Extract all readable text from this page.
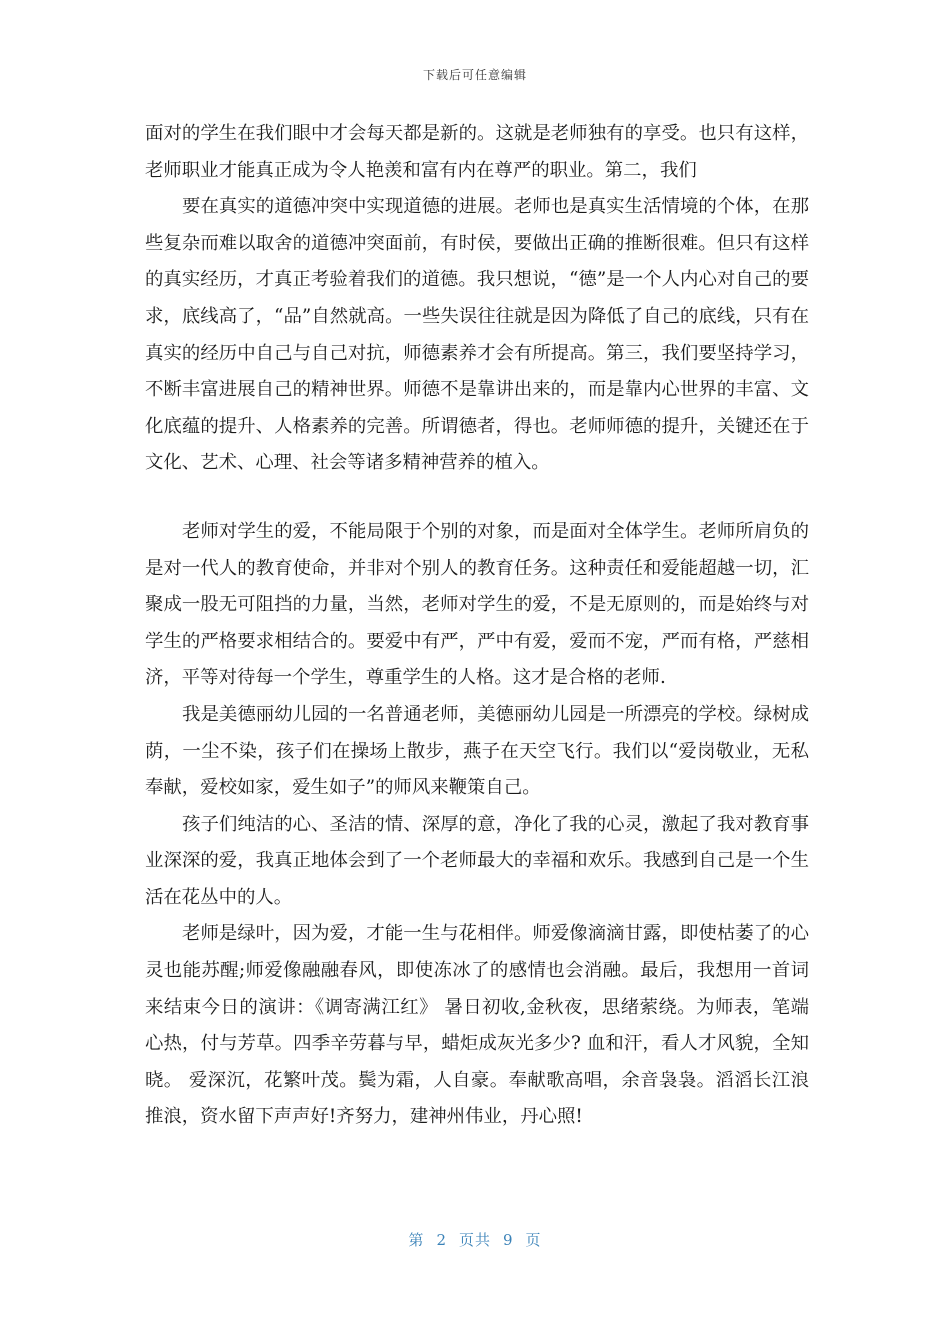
下载后可任意编辑

面对的学生在我们眼中才会每天都是新的。这就是老师独有的享受。也只有这样，老师职业才能真正成为令人艳羡和富有内在尊严的职业。第二，我们

要在真实的道德冲突中实现道德的进展。老师也是真实生活情境的个体，在那些复杂而难以取舍的道德冲突面前，有时侯，要做出正确的推断很难。但只有这样的真实经历，才真正考验着我们的道德。我只想说，“德”是一个人内心对自己的要求，底线高了，“品”自然就高。一些失误往往就是因为降低了自己的底线，只有在真实的经历中自己与自己对抗，师德素养才会有所提高。第三，我们要坚持学习，不断丰富进展自己的精神世界。师德不是靠讲出来的，而是靠内心世界的丰富、文化底蕴的提升、人格素养的完善。所谓德者，得也。老师师德的提升，关键还在于文化、艺术、心理、社会等诸多精神营养的植入。

老师对学生的爱，不能局限于个别的对象，而是面对全体学生。老师所肩负的是对一代人的教育使命，并非对个别人的教育任务。这种责任和爱能超越一切，汇聚成一股无可阻挡的力量，当然，老师对学生的爱，不是无原则的，而是始终与对学生的严格要求相结合的。要爱中有严，严中有爱，爱而不宠，严而有格，严慈相济，平等对待每一个学生，尊重学生的人格。这才是合格的老师.

我是美德丽幼儿园的一名普通老师，美德丽幼儿园是一所漂亮的学校。绿树成荫，一尘不染，孩子们在操场上散步，燕子在天空飞行。我们以“爱岗敬业，无私奉献，爱校如家，爱生如子”的师风来鞭策自己。

孩子们纯洁的心、圣洁的情、深厚的意，净化了我的心灵，激起了我对教育事业深深的爱，我真正地体会到了一个老师最大的幸福和欢乐。我感到自己是一个生活在花丛中的人。

老师是绿叶，因为爱，才能一生与花相伴。师爱像滴滴甘露，即使枯萎了的心灵也能苏醒;师爱像融融春风，即使冻冰了的感情也会消融。最后，我想用一首词来结束今日的演讲：《调寄满江红》 暑日初收,金秋夜，思绪萦绕。为师表，笔端心热，付与芳草。四季辛劳暮与早，蜡炬成灰光多少? 血和汗，看人才风貌，全知晓。 爱深沉，花繁叶茂。鬓为霜，人自豪。奉献歌高唱，余音袅袅。滔滔长江浪推浪，资水留下声声好!齐努力，建神州伟业，丹心照!

第 2 页共 9 页
